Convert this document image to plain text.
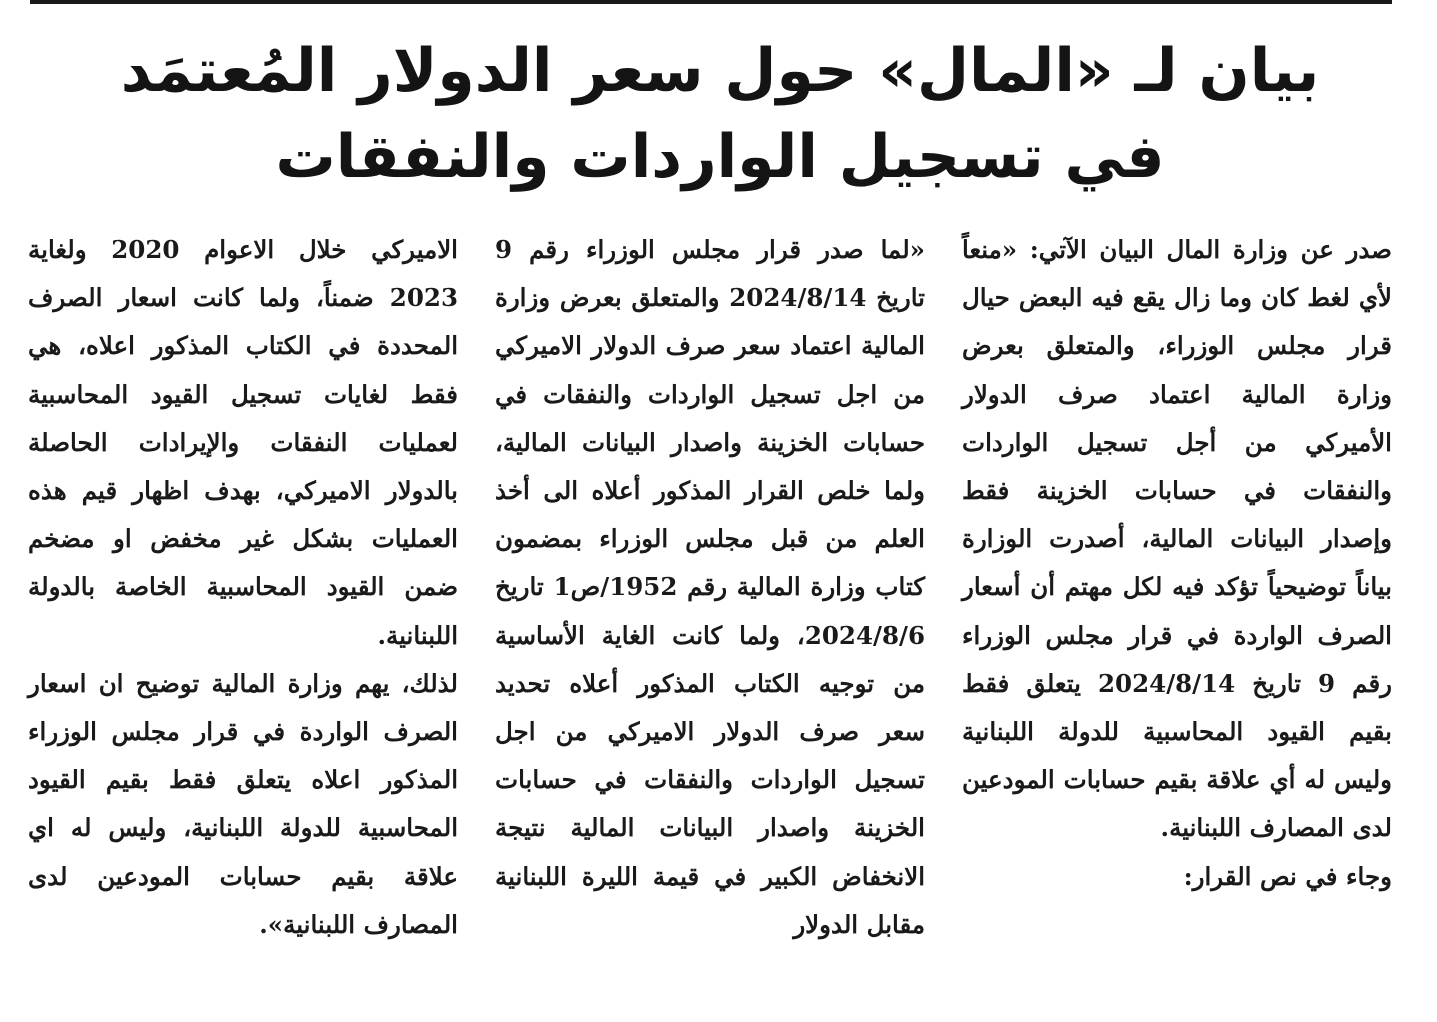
بيان لـ «المال» حول سعر الدولار المُعتمَد
في تسجيل الواردات والنفقات

صدر عن وزارة المال البيان الآتي: «منعاً لأي لغط كان وما زال يقع فيه البعض حيال قرار مجلس الوزراء، والمتعلق بعرض وزارة المالية اعتماد صرف الدولار الأميركي من أجل تسجيل الواردات والنفقات في حسابات الخزينة فقط وإصدار البيانات المالية، أصدرت الوزارة بياناً توضيحياً تؤكد فيه لكل مهتم أن أسعار الصرف الواردة في قرار مجلس الوزراء رقم 9 تاريخ 2024/8/14 يتعلق فقط بقيم القيود المحاسبية للدولة اللبنانية وليس له أي علاقة بقيم حسابات المودعين لدى المصارف اللبنانية.

وجاء في نص القرار:

«لما صدر قرار مجلس الوزراء رقم 9 تاريخ 2024/8/14 والمتعلق بعرض وزارة المالية اعتماد سعر صرف الدولار الاميركي من اجل تسجيل الواردات والنفقات في حسابات الخزينة واصدار البيانات المالية، ولما خلص القرار المذكور أعلاه الى أخذ العلم من قبل مجلس الوزراء بمضمون كتاب وزارة المالية رقم 1952/ص1 تاريخ 2024/8/6، ولما كانت الغاية الأساسية من توجيه الكتاب المذكور أعلاه تحديد سعر صرف الدولار الاميركي من اجل تسجيل الواردات والنفقات في حسابات الخزينة واصدار البيانات المالية نتيجة الانخفاض الكبير في قيمة الليرة اللبنانية مقابل الدولار

الاميركي خلال الاعوام 2020 ولغاية 2023 ضمناً، ولما كانت اسعار الصرف المحددة في الكتاب المذكور اعلاه، هي فقط لغايات تسجيل القيود المحاسبية لعمليات النفقات والإيرادات الحاصلة بالدولار الاميركي، بهدف اظهار قيم هذه العمليات بشكل غير مخفض او مضخم ضمن القيود المحاسبية الخاصة بالدولة اللبنانية.

لذلك، يهم وزارة المالية توضيح ان اسعار الصرف الواردة في قرار مجلس الوزراء المذكور اعلاه يتعلق فقط بقيم القيود المحاسبية للدولة اللبنانية، وليس له اي علاقة بقيم حسابات المودعين لدى المصارف اللبنانية».
